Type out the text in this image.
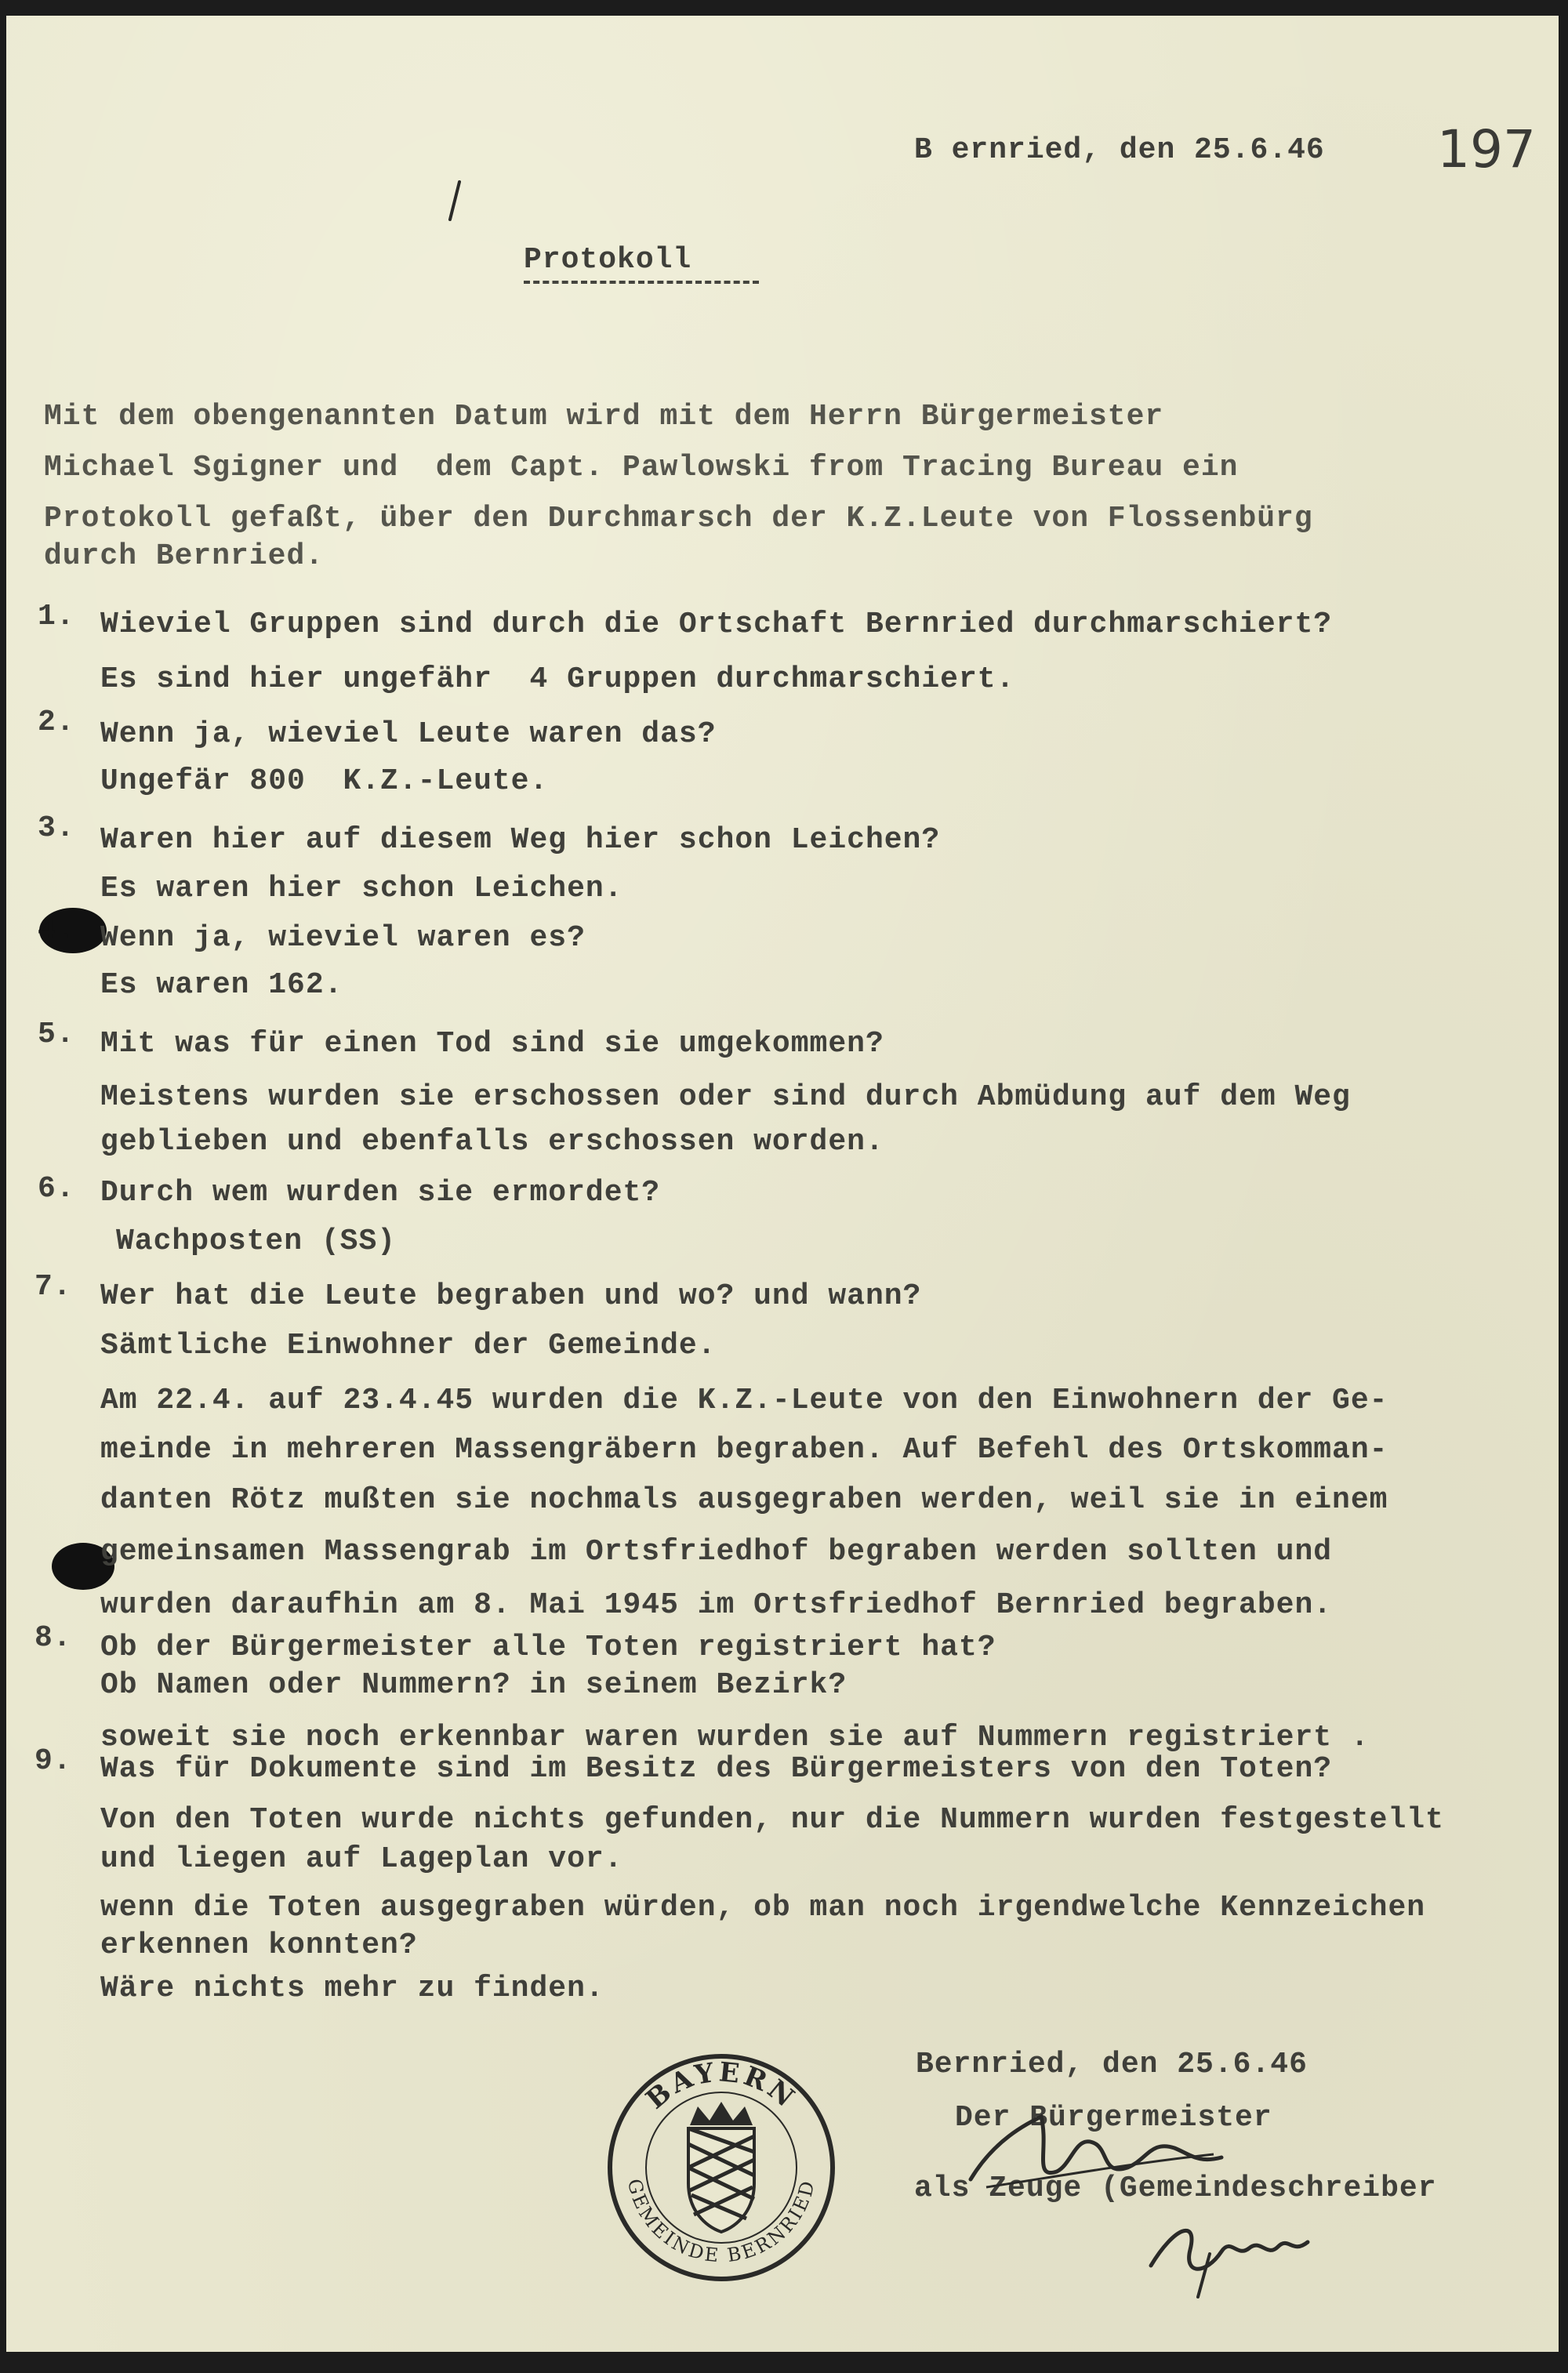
B ernried, den 25.6.46 197
Protokoll
Mit dem obengenannten Datum wird mit dem Herrn Bürgermeister
Michael Sgigner und  dem Capt. Pawlowski from Tracing Bureau ein
Protokoll gefaßt, über den Durchmarsch der K.Z.Leute von Flossenbürg
durch Bernried.
1. Wieviel Gruppen sind durch die Ortschaft Bernried durchmarschiert?
Es sind hier ungefähr  4 Gruppen durchmarschiert.
2. Wenn ja, wieviel Leute waren das?
Ungefär 800  K.Z.-Leute.
3. Waren hier auf diesem Weg hier schon Leichen?
Es waren hier schon Leichen.
4. Wenn ja, wieviel waren es?
Es waren 162.
5. Mit was für einen Tod sind sie umgekommen?
Meistens wurden sie erschossen oder sind durch Abmüdung auf dem Weg
geblieben und ebenfalls erschossen worden.
6. Durch wem wurden sie ermordet?
Wachposten (SS)
7. Wer hat die Leute begraben und wo? und wann?
Sämtliche Einwohner der Gemeinde.
Am 22.4. auf 23.4.45 wurden die K.Z.-Leute von den Einwohnern der Ge-
meinde in mehreren Massengräbern begraben. Auf Befehl des Ortskomman-
danten Rötz mußten sie nochmals ausgegraben werden, weil sie in einem
gemeinsamen Massengrab im Ortsfriedhof begraben werden sollten und
wurden daraufhin am 8. Mai 1945 im Ortsfriedhof Bernried begraben.
8. Ob der Bürgermeister alle Toten registriert hat?
Ob Namen oder Nummern? in seinem Bezirk?
soweit sie noch erkennbar waren wurden sie auf Nummern registriert .
9. Was für Dokumente sind im Besitz des Bürgermeisters von den Toten?
Von den Toten wurde nichts gefunden, nur die Nummern wurden festgestellt
und liegen auf Lageplan vor.
wenn die Toten ausgegraben würden, ob man noch irgendwelche Kennzeichen
erkennen konnten?
Wäre nichts mehr zu finden.
Bernried, den 25.6.46
Der Bürgermeister
als Zeuge (Gemeindeschreiber
BAYERN
GEMEINDE BERNRIED
